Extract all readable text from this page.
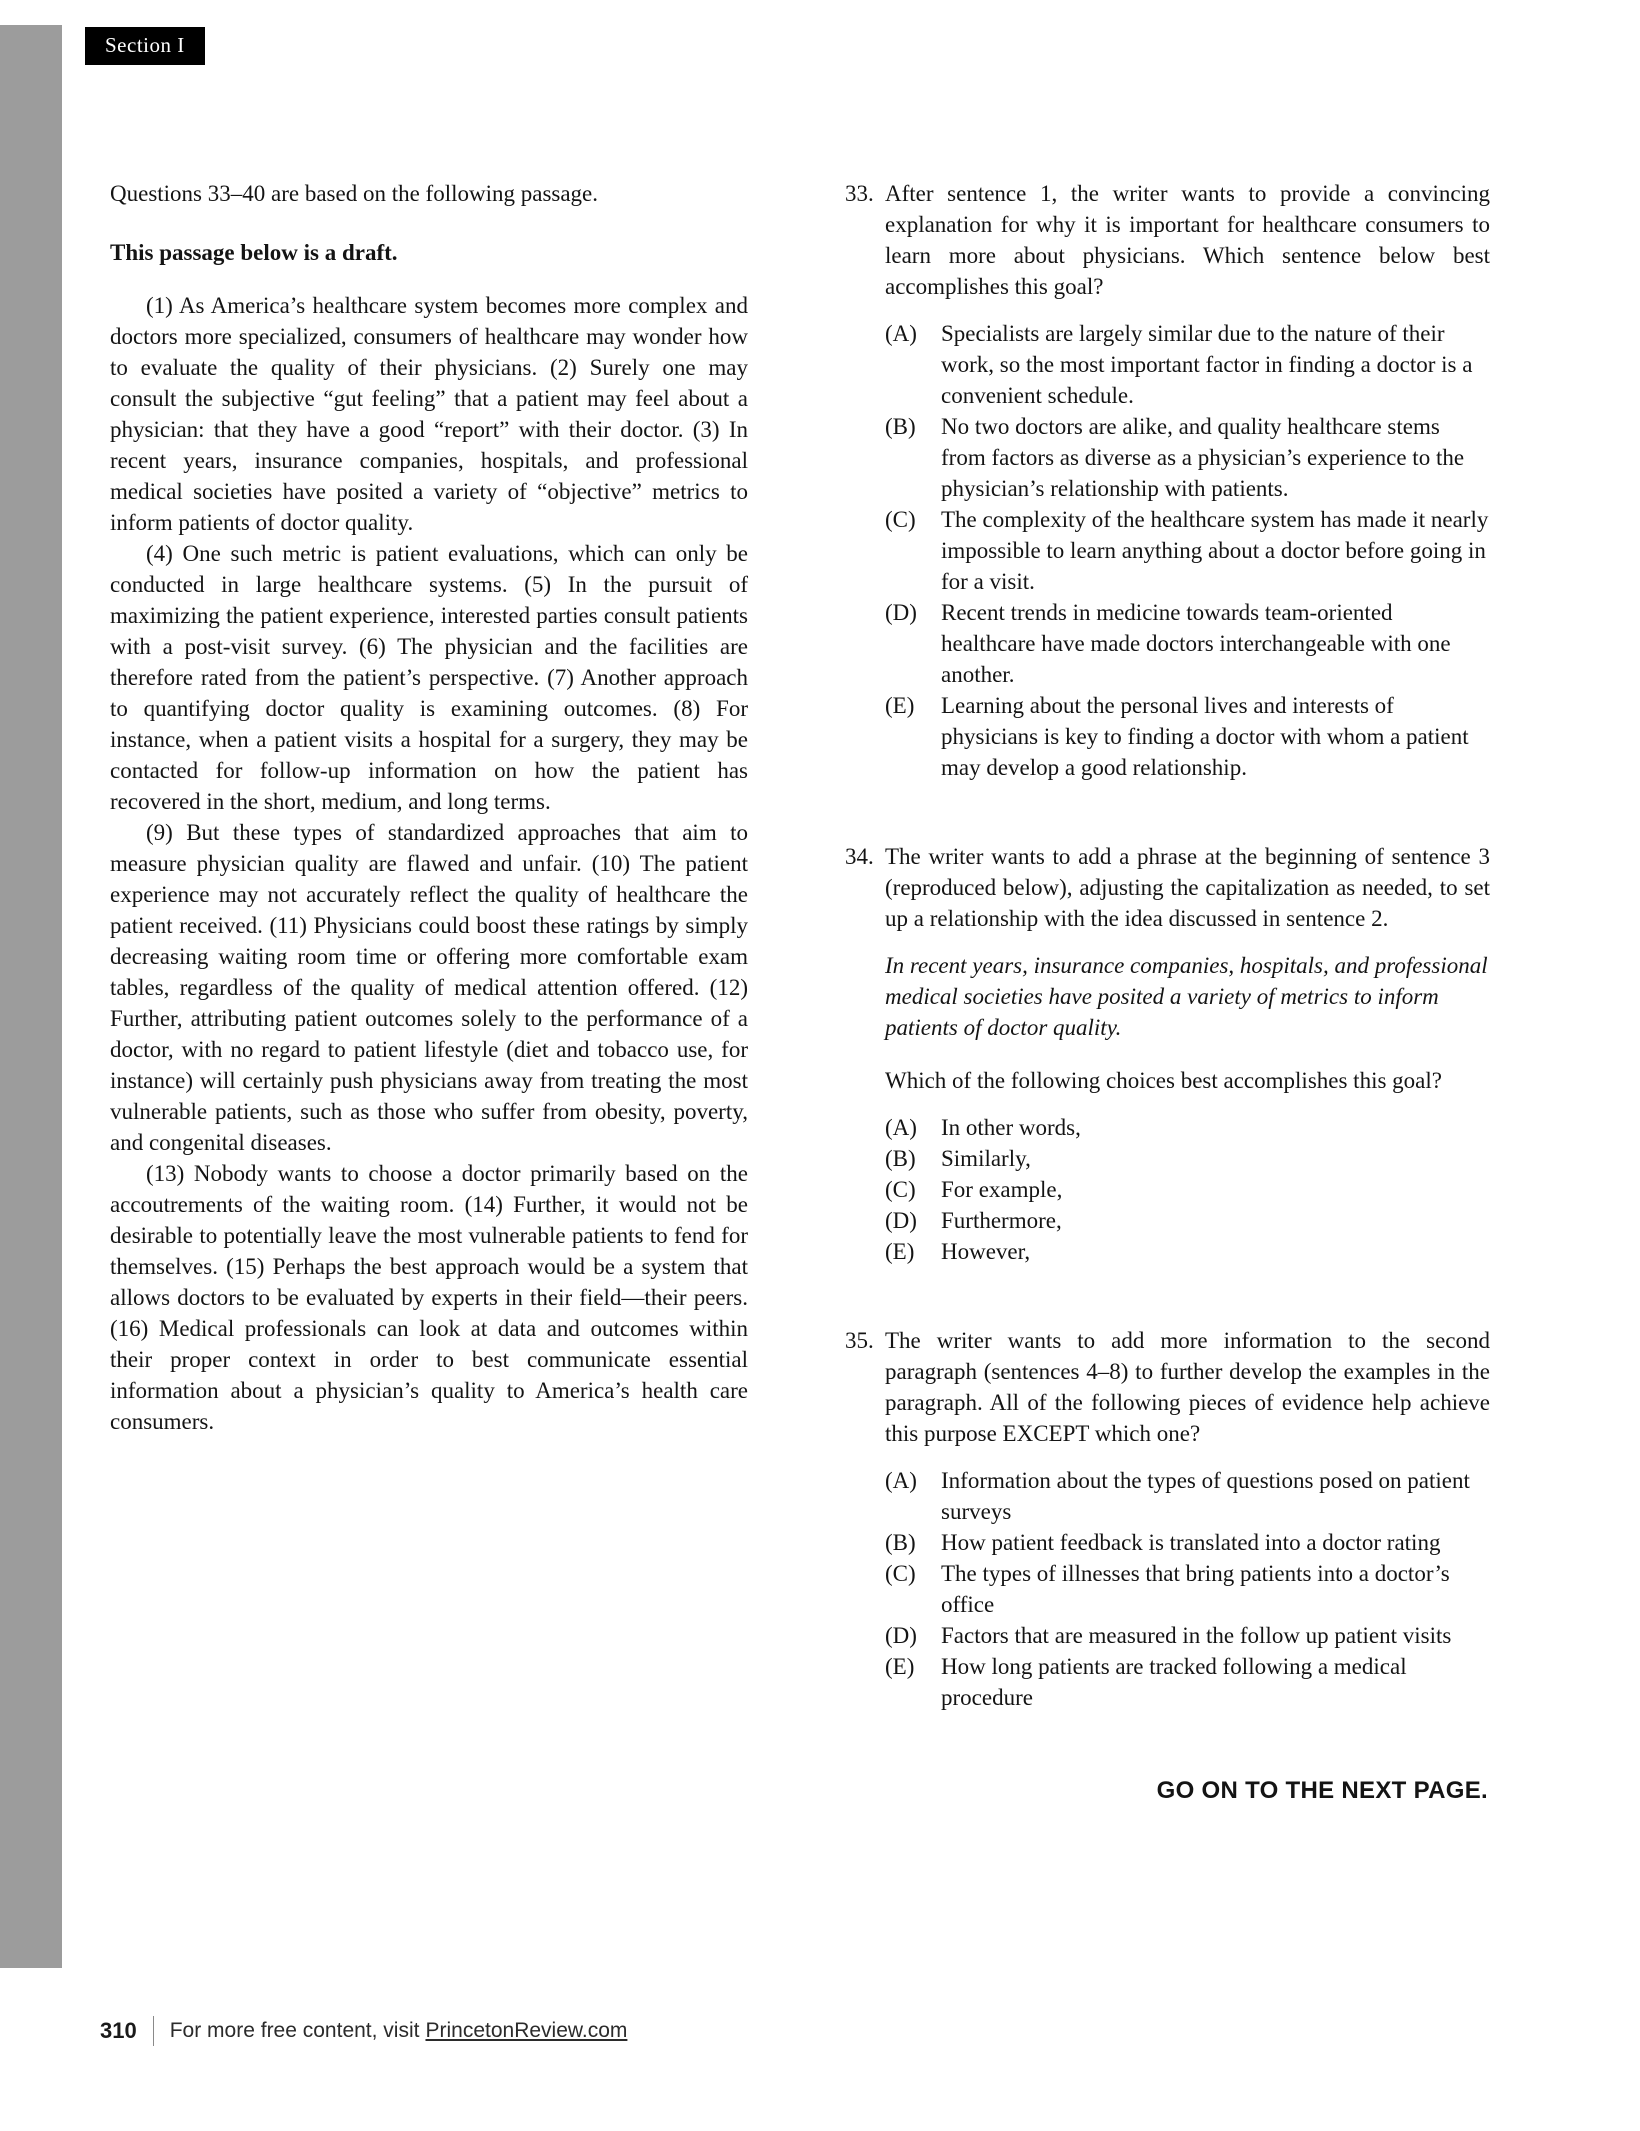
Section I

Questions 33–40 are based on the following passage.

This passage below is a draft.

(1) As America’s healthcare system becomes more complex and doctors more specialized, consumers of healthcare may wonder how to evaluate the quality of their physicians. (2) Surely one may consult the subjective “gut feeling” that a patient may feel about a physician: that they have a good “report” with their doctor. (3) In recent years, insurance companies, hospitals, and professional medical societies have posited a variety of “objective” metrics to inform patients of doctor quality.

(4) One such metric is patient evaluations, which can only be conducted in large healthcare systems. (5) In the pursuit of maximizing the patient experience, interested parties consult patients with a post-visit survey. (6) The physician and the facilities are therefore rated from the patient’s perspective. (7) Another approach to quantifying doctor quality is examining outcomes. (8) For instance, when a patient visits a hospital for a surgery, they may be contacted for follow-up information on how the patient has recovered in the short, medium, and long terms.

(9) But these types of standardized approaches that aim to measure physician quality are flawed and unfair. (10) The patient experience may not accurately reflect the quality of healthcare the patient received. (11) Physicians could boost these ratings by simply decreasing waiting room time or offering more comfortable exam tables, regardless of the quality of medical attention offered. (12) Further, attributing patient outcomes solely to the performance of a doctor, with no regard to patient lifestyle (diet and tobacco use, for instance) will certainly push physicians away from treating the most vulnerable patients, such as those who suffer from obesity, poverty, and congenital diseases.

(13) Nobody wants to choose a doctor primarily based on the accoutrements of the waiting room. (14) Further, it would not be desirable to potentially leave the most vulnerable patients to fend for themselves. (15) Perhaps the best approach would be a system that allows doctors to be evaluated by experts in their field—their peers. (16) Medical professionals can look at data and outcomes within their proper context in order to best communicate essential information about a physician’s quality to America’s health care consumers.

33. After sentence 1, the writer wants to provide a convincing explanation for why it is important for healthcare consumers to learn more about physicians. Which sentence below best accomplishes this goal?

(A)	Specialists are largely similar due to the nature of their work, so the most important factor in finding a doctor is a convenient schedule.
(B)	No two doctors are alike, and quality healthcare stems from factors as diverse as a physician’s experience to the physician’s relationship with patients.
(C)	The complexity of the healthcare system has made it nearly impossible to learn anything about a doctor before going in for a visit.
(D)	Recent trends in medicine towards team-oriented healthcare have made doctors interchangeable with one another.
(E)	Learning about the personal lives and interests of physicians is key to finding a doctor with whom a patient may develop a good relationship.
34. The writer wants to add a phrase at the beginning of sentence 3 (reproduced below), adjusting the capitalization as needed, to set up a relationship with the idea discussed in sentence 2.

In recent years, insurance companies, hospitals, and professional medical societies have posited a variety of metrics to inform patients of doctor quality.

Which of the following choices best accomplishes this goal?

(A)	In other words,
(B)	Similarly,
(C)	For example,
(D)	Furthermore,
(E)	However,
35. The writer wants to add more information to the second paragraph (sentences 4–8) to further develop the examples in the paragraph. All of the following pieces of evidence help achieve this purpose EXCEPT which one?

(A)	Information about the types of questions posed on patient surveys
(B)	How patient feedback is translated into a doctor rating
(C)	The types of illnesses that bring patients into a doctor’s office
(D)	Factors that are measured in the follow up patient visits
(E)	How long patients are tracked following a medical procedure
GO ON TO THE NEXT PAGE.
310 For more free content, visit PrincetonReview.com
